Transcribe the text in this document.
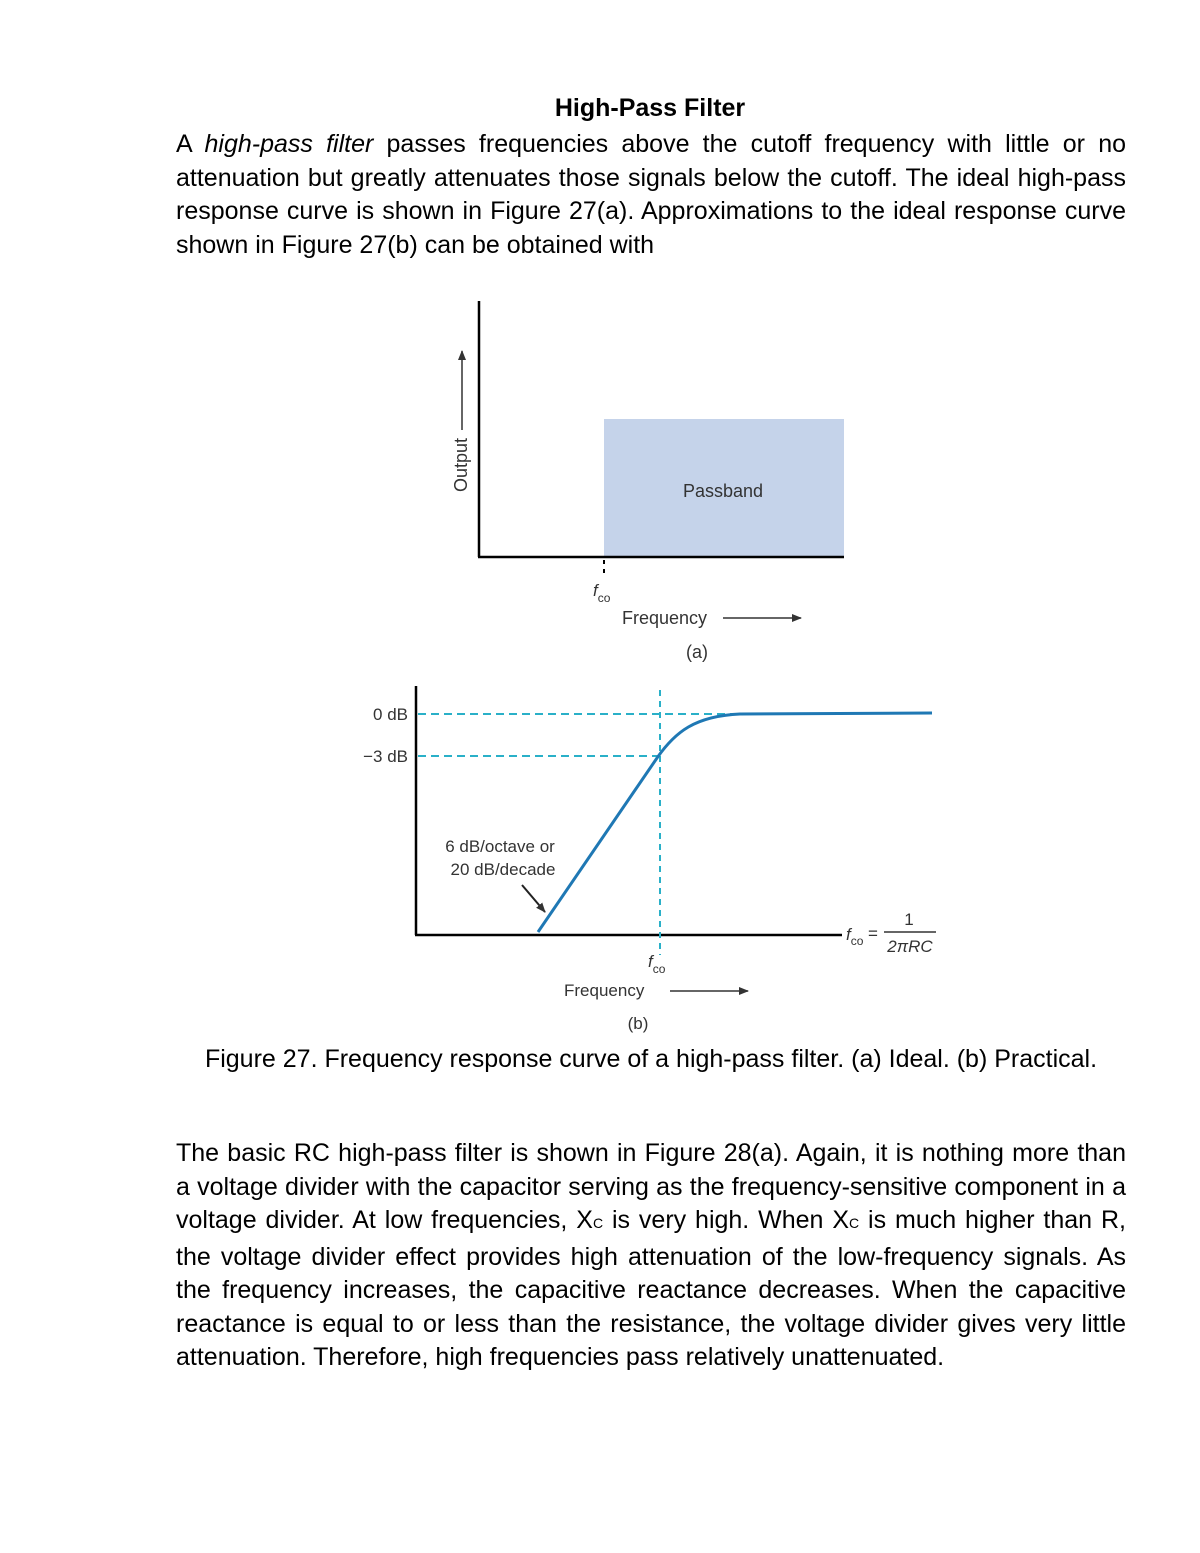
High-Pass Filter
A high-pass filter passes frequencies above the cutoff frequency with little or no attenuation but greatly attenuates those signals below the cutoff. The ideal high-pass response curve is shown in Figure 27(a). Approximations to the ideal response curve shown in Figure 27(b) can be obtained with
Passband
Output
$f_{co}$
Frequency
(a)
0 dB
−3 dB
6 dB/octave or
20 dB/decade
$f_{co}$
Frequency
(b)
$f_{co}$ =
1
2πRC
Figure 27. Frequency response curve of a high-pass filter. (a) Ideal. (b) Practical.
The basic RC high-pass filter is shown in Figure 28(a). Again, it is nothing more than a voltage divider with the capacitor serving as the frequency-sensitive component in a voltage divider. At low frequencies, XC is very high. When XC is much higher than R, the voltage divider effect provides high attenuation of the low-frequency signals. As the frequency increases, the capacitive reactance decreases. When the capacitive reactance is equal to or less than the resistance, the voltage divider gives very little attenuation. Therefore, high frequencies pass relatively unattenuated.
